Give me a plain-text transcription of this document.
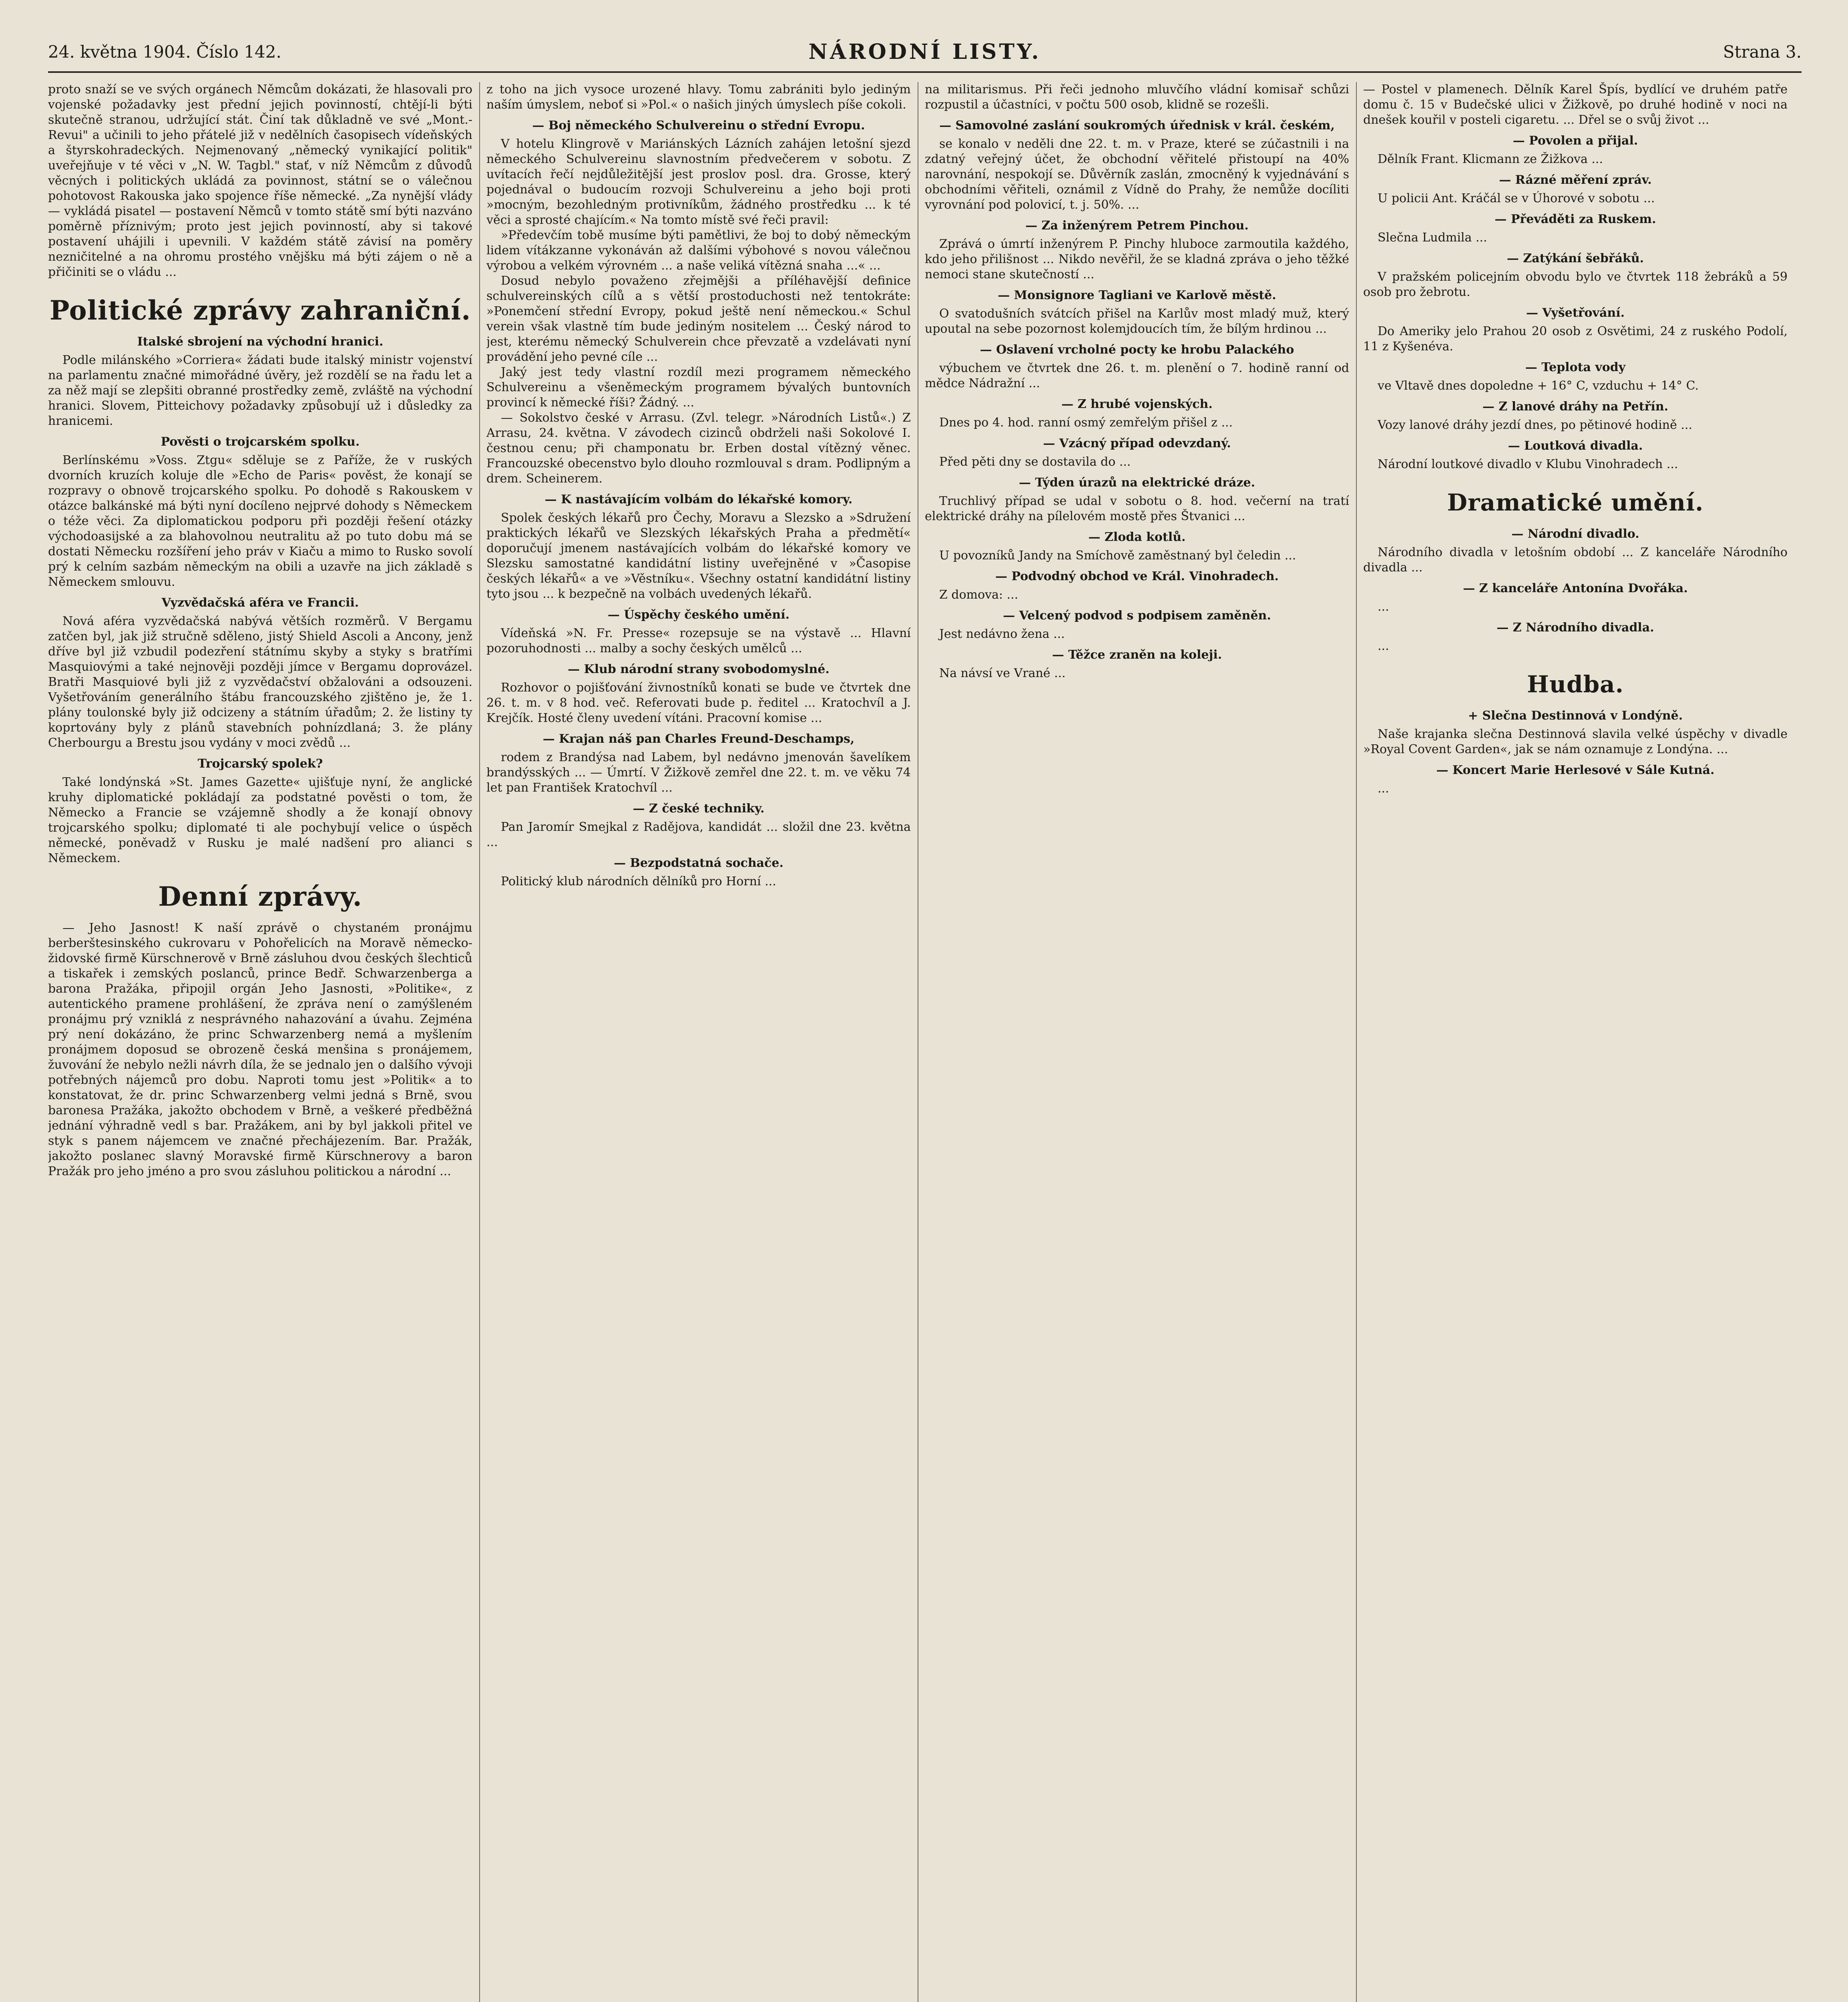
24. května 1904. Číslo 142.	NÁRODNÍ LISTY.	Strana 3.

proto snaží se ve svých orgánech Němcům dokázati, že hlasovali pro vojenské požadavky jest přední jejich povinností, chtějí-li býti skutečně stranou, udržující stát. Činí tak důkladně ve své „Mont.-Revui" a učinili to jeho přátelé již v nedělních časopisech vídeňských a štyrskohradeckých. Nejmenovaný „německý vynikající politik" uveřejňuje v té věci v „N. W. Tagbl." stať, v níž Němcům z důvodů věcných i politických ukládá za povinnost, státní se o válečnou pohotovost Rakouska jako spojence říše německé. „Za nynější vlády — vykládá pisatel — postavení Němců v tomto státě smí býti nazváno poměrně příznivým; proto jest jejich povinností, aby si takové postavení uhájili i upevnili. V každém státě závisí na poměry nezničitelné a na ohromu prostého vnějšku má býti zájem o ně a přičiniti se o vládu ...

Politické zprávy zahraniční.
Italské sbrojení na východní hranici.

Podle milánského »Corriera« žádati bude italský ministr vojenství na parlamentu značné mimořádné úvěry, jež rozdělí se na řadu let a za něž mají se zlepšiti obranné prostředky země, zvláště na východní hranici. Slovem, Pitteichovy požadavky způsobují už i důsledky za hranicemi.

Pověsti o trojcarském spolku.

Berlínskému »Voss. Ztgu« sděluje se z Paříže, že v ruských dvorních kruzích koluje dle »Echo de Paris« pověst, že konají se rozpravy o obnově trojcarského spolku. Po dohodě s Rakouskem v otázce balkánské má býti nyní docíleno nejprvé dohody s Německem o téže věci. Za diplomatickou podporu při později řešení otázky východoasijské a za blahovolnou neutralitu až po tuto dobu má se dostati Německu rozšíření jeho práv v Kiaču a mimo to Rusko sovolí prý k celním sazbám německým na obili a uzavře na jich základě s Německem smlouvu.

Vyzvědačská aféra ve Francii.

Nová aféra vyzvědačská nabývá větších rozměrů. V Bergamu zatčen byl, jak již stručně sděleno, jistý Shield Ascoli a Ancony, jenž dříve byl již vzbudil podezření státnímu skyby a styky s bratřími Masquiovými a také nejnověji později jímce v Bergamu doprovázel. Bratři Masquiové byli již z vyzvědačství obžalováni a odsouzeni. Vyšetřováním generálního štábu francouzského zjištěno je, že 1. plány toulonské byly již odcizeny a státním úřadům; 2. že listiny ty koprtovány byly z plánů stavebních pohnízdlaná; 3. že plány Cherbourgu a Brestu jsou vydány v moci zvědů ...

Trojcarský spolek?

Také londýnská »St. James Gazette« ujišťuje nyní, že anglické kruhy diplomatické pokládají za podstatné pověsti o tom, že Německo a Francie se vzájemně shodly a že konají obnovy trojcarského spolku; diplomaté ti ale pochybují velice o úspěch německé, poněvadž v Rusku je malé nadšení pro alianci s Německem.

Denní zprávy.

— Jeho Jasnost! K naší zprávě o chystaném pronájmu berberštesinského cukrovaru v Pohořelicích na Moravě německo-židovské firmě Kürschnerově v Brně zásluhou dvou českých šlechticů a tiskařek i zemských poslanců, prince Bedř. Schwarzenberga a barona Pražáka, připojil orgán Jeho Jasnosti, »Politike«, z autentického pramene prohlášení, že zpráva není o zamýšleném pronájmu prý vzniklá z nesprávného nahazování a úvahu. Zejména prý není dokázáno, že princ Schwarzenberg nemá a myšlením pronájmem doposud se obrozeně česká menšina s pronájemem, žuvování že nebylo nežli návrh díla, že se jednalo jen o dalšího vývoji potřebných nájemců pro dobu. Naproti tomu jest »Politik« a to konstatovat, že dr. princ Schwarzenberg velmi jedná s Brně, svou baronesa Pražáka, jakožto obchodem v Brně, a veškeré předběžná jednání výhradně vedl s bar. Pražákem, ani by byl jakkoli přitel ve styk s panem nájemcem ve značné přechájezením. Bar. Pražák, jakožto poslanec slavný Moravské firmě Kürschnerovy a baron Pražák pro jeho jméno a pro svou zásluhou politickou a národní ...

z toho na jich vysoce urozené hlavy. Tomu zabrániti bylo jediným naším úmyslem, neboť si »Pol.« o našich jiných úmyslech píše cokoli.

— Boj německého Schulvereinu o střední Evropu.

V hotelu Klingrově v Mariánských Lázních zahájen letošní sjezd německého Schulvereinu slavnostním předvečerem v sobotu. Z uvítacích řečí nejdůležitější jest proslov posl. dra. Grosse, který pojednával o budoucím rozvoji Schulvereinu a jeho boji proti »mocným, bezohledným protivníkům, žádného prostředku ... k té věci a sprosté chajícím.« Na tomto místě své řeči pravil:

»Předevčím tobě musíme býti pamětlivi, že boj to dobý německým lidem vítákzanne vykonáván až dalšími výbohové s novou válečnou výrobou a velkém výrovném ... a naše veliká vítězná snaha ...« ...

Dosud nebylo považeno zřejmějši a příléhavější definice schulvereinských cílů a s větší prostoduchosti než tentokráte: »Ponemčení střední Evropy, pokud ještě není německou.« Schul verein však vlastně tím bude jediným nositelem ... Český národ to jest, kterému německý Schulverein chce převzatě a vzdelávati nyní provádění jeho pevné cíle ...

Jaký jest tedy vlastní rozdíl mezi programem německého Schulvereinu a všeněmeckým programem bývalých buntovních provincí k německé říši? Žádný. ...

— Sokolstvo české v Arrasu. (Zvl. telegr. »Národních Listů«.) Z Arrasu, 24. května. V závodech cizinců obdrželi naši Sokolové I. čestnou cenu; při champonatu br. Erben dostal vítězný věnec. Francouzské obecenstvo bylo dlouho rozmlouval s dram. Podlipným a drem. Scheinerem.

— K nastávajícím volbám do lékařské komory.

Spolek českých lékařů pro Čechy, Moravu a Slezsko a »Sdružení praktických lékařů ve Slezských lékařských Praha a předmětí« doporučují jmenem nastávajících volbám do lékařské komory ve Slezsku samostatné kandidátní listiny uveřejněné v »Časopise českých lékařů« a ve »Věstníku«. Všechny ostatní kandidátní listiny tyto jsou ... k bezpečně na volbách uvedených lékařů.

— Úspěchy českého umění.

Vídeňská »N. Fr. Presse« rozepsuje se na výstavě ... Hlavní pozoruhodnosti ... malby a sochy českých umělců ...

— Klub národní strany svobodomyslné.

Rozhovor o pojišťování živnostníků konati se bude ve čtvrtek dne 26. t. m. v 8 hod. več. Referovati bude p. ředitel ... Kratochvíl a J. Krejčík. Hosté členy uvedení vítáni. Pracovní komise ...

— Krajan náš pan Charles Freund-Deschamps,

rodem z Brandýsa nad Labem, byl nedávno jmenován šavelíkem brandýsských ... — Úmrtí. V Žižkově zemřel dne 22. t. m. ve věku 74 let pan František Kratochvíl ...

— Z české techniky.

Pan Jaromír Smejkal z Radějova, kandidát ... složil dne 23. května ...

— Bezpodstatná sochače.

Politický klub národních dělníků pro Horní ...

na militarismus. Při řeči jednoho mluvčího vládní komisař schůzi rozpustil a účastníci, v počtu 500 osob, klidně se rozešli.

— Samovolné zaslání soukromých úřednisk v král. českém,

se konalo v neděli dne 22. t. m. v Praze, které se zúčastnili i na zdatný veřejný účet, že obchodní věřitelé přistoupí na 40% narovnání, nespokojí se. Důvěrník zaslán, zmocněný k vyjednávání s obchodními věřiteli, oznámil z Vídně do Prahy, že nemůže docíliti vyrovnání pod polovicí, t. j. 50%. ...

— Za inženýrem Petrem Pinchou.

Zprává o úmrtí inženýrem P. Pinchy hluboce zarmoutila každého, kdo jeho přilišnost ... Nikdo nevěřil, že se kladná zpráva o jeho těžké nemoci stane skutečností ...

— Monsignore Tagliani ve Karlově městě.

O svatodušních svátcích přišel na Karlův most mladý muž, který upoutal na sebe pozornost kolemjdoucích tím, že bílým hrdinou ...

— Oslavení vrcholné pocty ke hrobu Palackého

výbuchem ve čtvrtek dne 26. t. m. plenění o 7. hodině ranní od mědce Nádražní ...

— Z hrubé vojenských.

Dnes po 4. hod. ranní osmý zemřelým přišel z ...

— Vzácný případ odevzdaný.

Před pěti dny se dostavila do ...

— Týden úrazů na elektrické dráze.

Truchlivý případ se udal v sobotu o 8. hod. večerní na tratí elektrické dráhy na pílelovém mostě přes Štvanici ...

— Zloda kotlů.

U povozníků Jandy na Smíchově zaměstnaný byl čeledin ...

— Podvodný obchod ve Král. Vinohradech.

Z domova: ...

— Velcený podvod s podpisem zaměněn.

Jest nedávno žena ...

— Těžce zraněn na koleji.

Na návsí ve Vrané ...

— Postel v plamenech. Dělník Karel Špís, bydlící ve druhém patře domu č. 15 v Budečské ulici v Žižkově, po druhé hodině v noci na dnešek kouřil v posteli cigaretu. ... Dřel se o svůj život ...

— Povolen a přijal.

Dělník Frant. Klicmann ze Žižkova ...

— Rázné měření zpráv.

U policii Ant. Kráčál se v Úhorové v sobotu ...

— Převáděti za Ruskem.

Slečna Ludmila ...

— Zatýkání šebřáků.

V pražském policejním obvodu bylo ve čtvrtek 118 žebráků a 59 osob pro žebrotu.

— Vyšetřování.

Do Ameriky jelo Prahou 20 osob z Osvětimi, 24 z ruského Podolí, 11 z Kyšenéva.

— Teplota vody

ve Vltavě dnes dopoledne + 16° C, vzduchu + 14° C.

— Z lanové dráhy na Petřín.

Vozy lanové dráhy jezdí dnes, po pětinové hodině ...

— Loutková divadla.

Národní loutkové divadlo v Klubu Vinohradech ...

Dramatické umění.
— Národní divadlo.

Národního divadla v letošním období ... Z kanceláře Národního divadla ...

— Z kanceláře Antonína Dvořáka.

...

— Z Národního divadla.

...

Hudba.
+ Slečna Destinnová v Londýně.

Naše krajanka slečna Destinnová slavila velké úspěchy v divadle »Royal Covent Garden«, jak se nám oznamuje z Londýna. ...

— Koncert Marie Herlesové v Sále Kutná.

...
